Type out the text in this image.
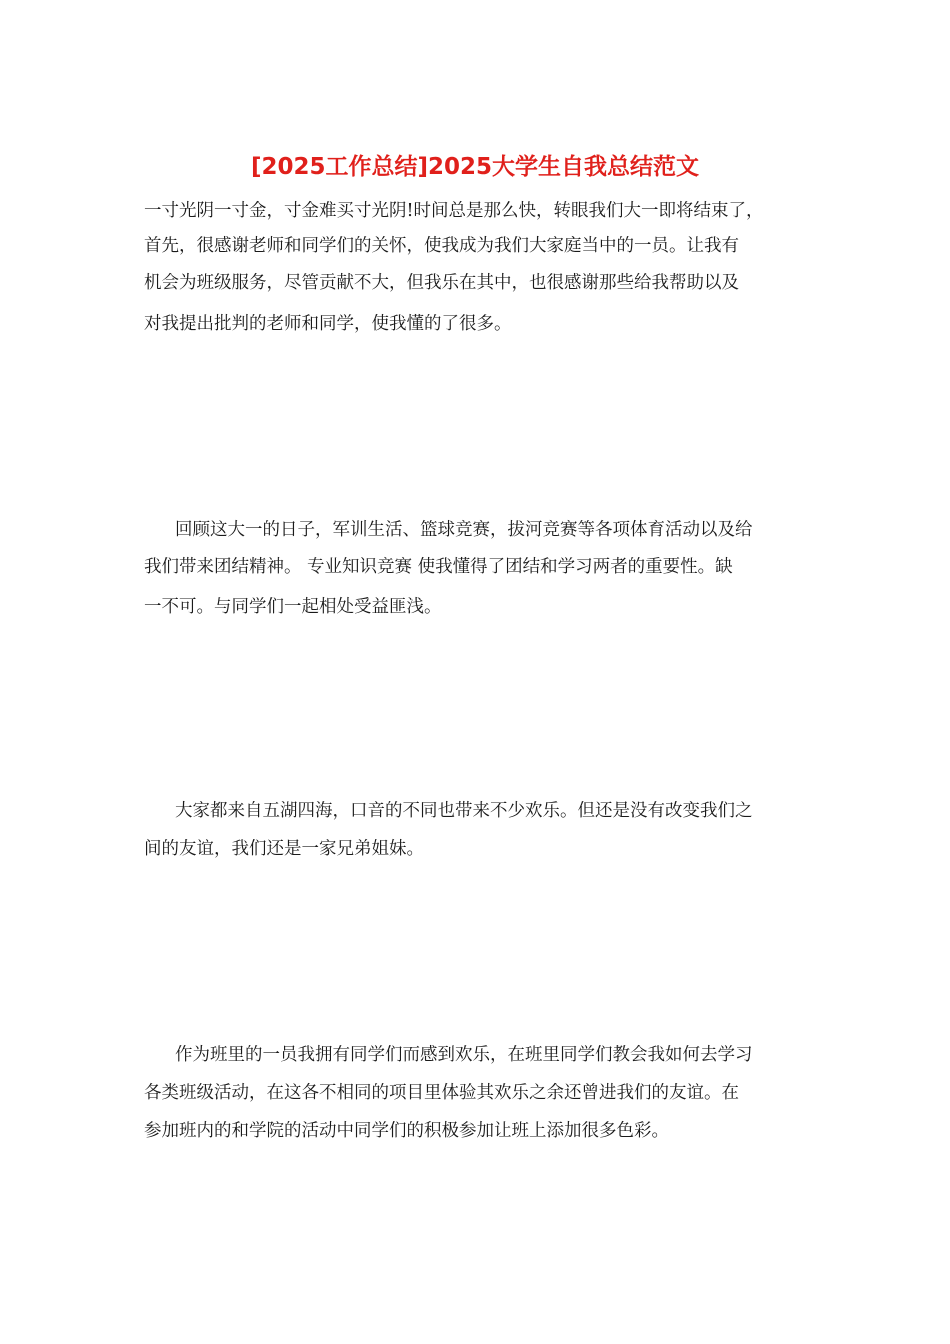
[2025工作总结]2025大学生自我总结范文
一寸光阴一寸金，寸金难买寸光阴!时间总是那么快，转眼我们大一即将结束了，
首先，很感谢老师和同学们的关怀，使我成为我们大家庭当中的一员。让我有
机会为班级服务，尽管贡献不大，但我乐在其中，也很感谢那些给我帮助以及
对我提出批判的老师和同学，使我懂的了很多。
回顾这大一的日子，军训生活、篮球竞赛，拔河竞赛等各项体育活动以及给
我们带来团结精神。 专业知识竞赛 使我懂得了团结和学习两者的重要性。缺
一不可。与同学们一起相处受益匪浅。
大家都来自五湖四海，口音的不同也带来不少欢乐。但还是没有改变我们之
间的友谊，我们还是一家兄弟姐妹。
作为班里的一员我拥有同学们而感到欢乐，在班里同学们教会我如何去学习
各类班级活动，在这各不相同的项目里体验其欢乐之余还曾进我们的友谊。在
参加班内的和学院的活动中同学们的积极参加让班上添加很多色彩。
